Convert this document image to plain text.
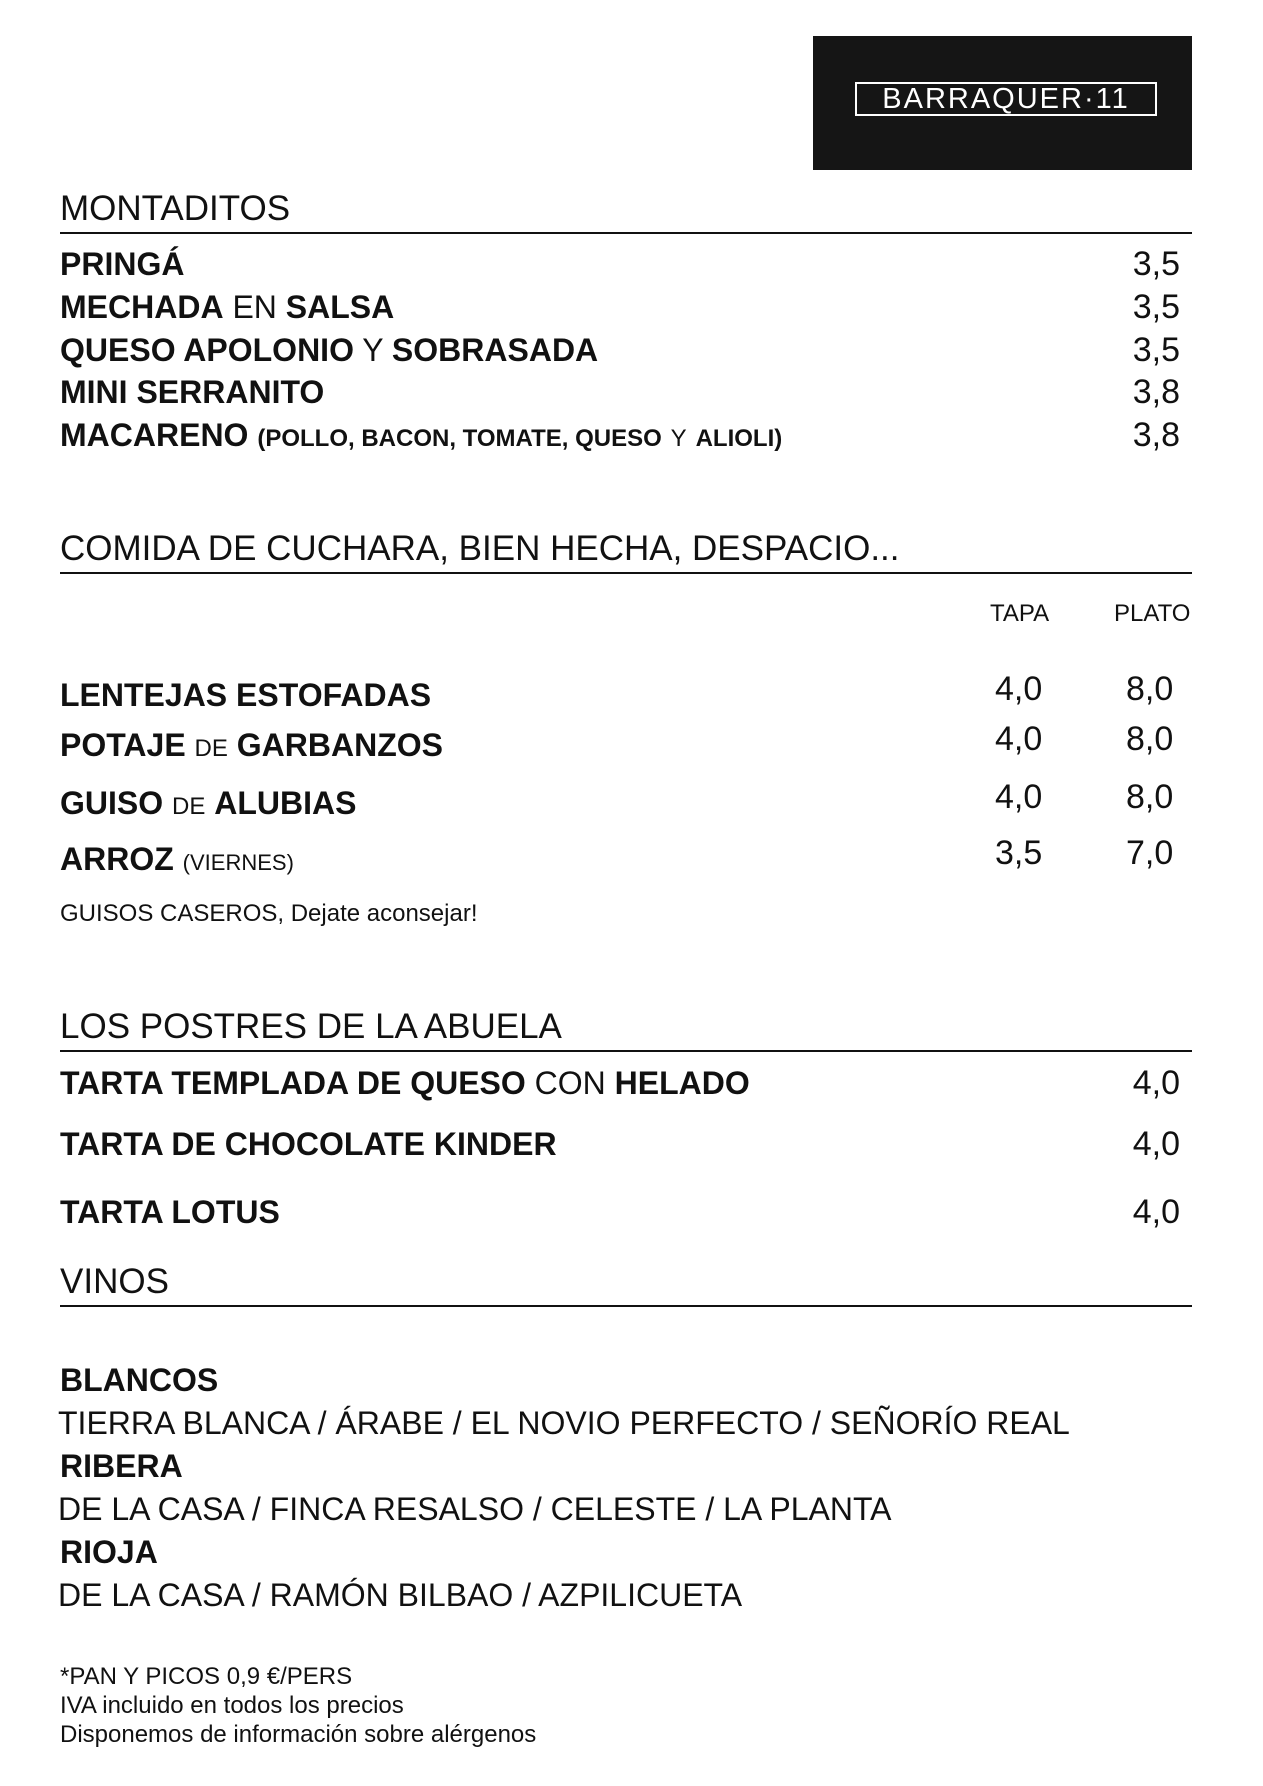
BARRAQUER·11
MONTADITOS
PRINGÁ	3,5
MECHADA EN SALSA	3,5
QUESO APOLONIO Y SOBRASADA	3,5
MINI SERRANITO	3,8
MACARENO (POLLO, BACON, TOMATE, QUESO Y ALIOLI)	3,8
COMIDA DE CUCHARA, BIEN HECHA, DESPACIO...
TAPA	PLATO
LENTEJAS ESTOFADAS	4,0 8,0
POTAJE DE GARBANZOS	4,0 8,0
GUISO DE ALUBIAS	4,0 8,0
ARROZ (VIERNES)	3,5 7,0
GUISOS CASEROS, Dejate aconsejar!
LOS POSTRES DE LA ABUELA
TARTA TEMPLADA DE QUESO CON HELADO	4,0
TARTA DE CHOCOLATE KINDER	4,0
TARTA LOTUS	4,0
VINOS
BLANCOS
TIERRA BLANCA / ÁRABE / EL NOVIO PERFECTO / SEÑORÍO REAL
RIBERA
DE LA CASA / FINCA RESALSO / CELESTE / LA PLANTA
RIOJA
DE LA CASA / RAMÓN BILBAO / AZPILICUETA
*PAN Y PICOS 0,9 €/PERS
IVA incluido en todos los precios
Disponemos de información sobre alérgenos
